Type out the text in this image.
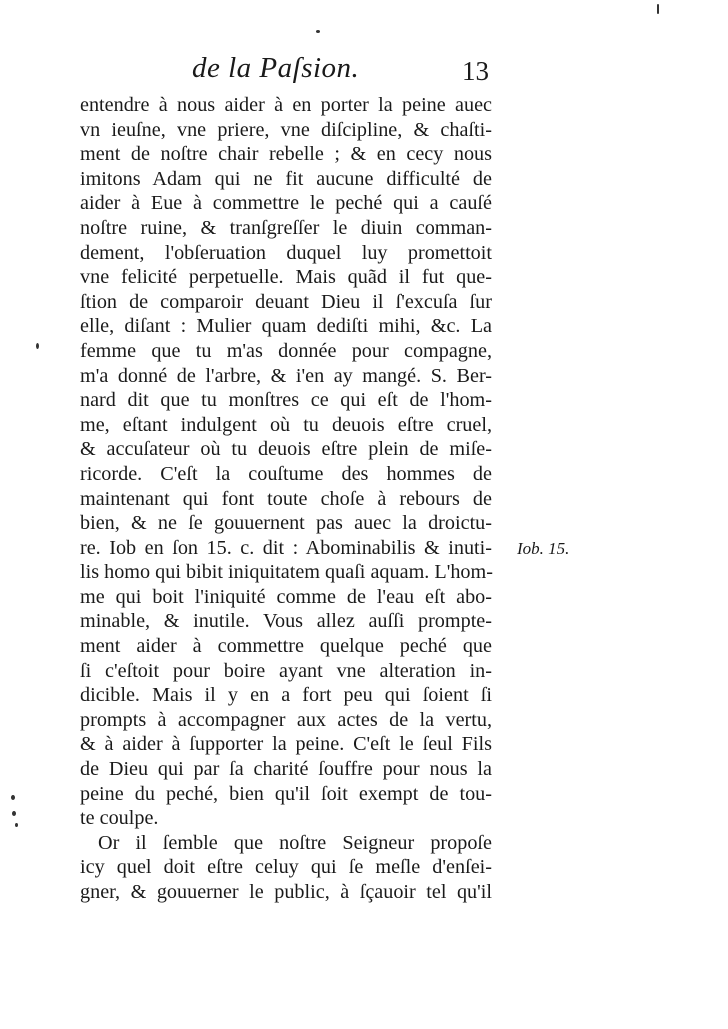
de la Paſsion.	13
entendre à nous aider à en porter la peine auec
vn ieuſne, vne priere, vne diſcipline, & chaſti-
ment de noſtre chair rebelle ; & en cecy nous
imitons Adam qui ne fit aucune difficulté de
aider à Eue à commettre le peché qui a cauſé
noſtre ruine, & tranſgreſſer le diuin comman-
dement, l'obſeruation duquel luy promettoit
vne felicité perpetuelle. Mais quãd il fut que-
ſtion de comparoir deuant Dieu il ſ'excuſa ſur
elle, diſant : Mulier quam dediſti mihi, &c. La
femme que tu m'as donnée pour compagne,
m'a donné de l'arbre, & i'en ay mangé. S. Ber-
nard dit que tu monſtres ce qui eſt de l'hom-
me, eſtant indulgent où tu deuois eſtre cruel,
& accuſateur où tu deuois eſtre plein de miſe-
ricorde. C'eſt la couſtume des hommes de
maintenant qui font toute choſe à rebours de
bien, & ne ſe gouuernent pas auec la droictu-
re. Iob en ſon 15. c. dit : Abominabilis & inuti-
lis homo qui bibit iniquitatem quaſi aquam. L'hom-
me qui boit l'iniquité comme de l'eau eſt abo-
minable, & inutile. Vous allez auſſi prompte-
ment aider à commettre quelque peché que
ſi c'eſtoit pour boire ayant vne alteration in-
dicible. Mais il y en a fort peu qui ſoient ſi
prompts à accompagner aux actes de la vertu,
& à aider à ſupporter la peine. C'eſt le ſeul Fils
de Dieu qui par ſa charité ſouffre pour nous la
peine du peché, bien qu'il ſoit exempt de tou-
te coulpe.
Or il ſemble que noſtre Seigneur propoſe
icy quel doit eſtre celuy qui ſe meſle d'enſei-
gner, & gouuerner le public, à ſçauoir tel qu'il
Iob. 15.
